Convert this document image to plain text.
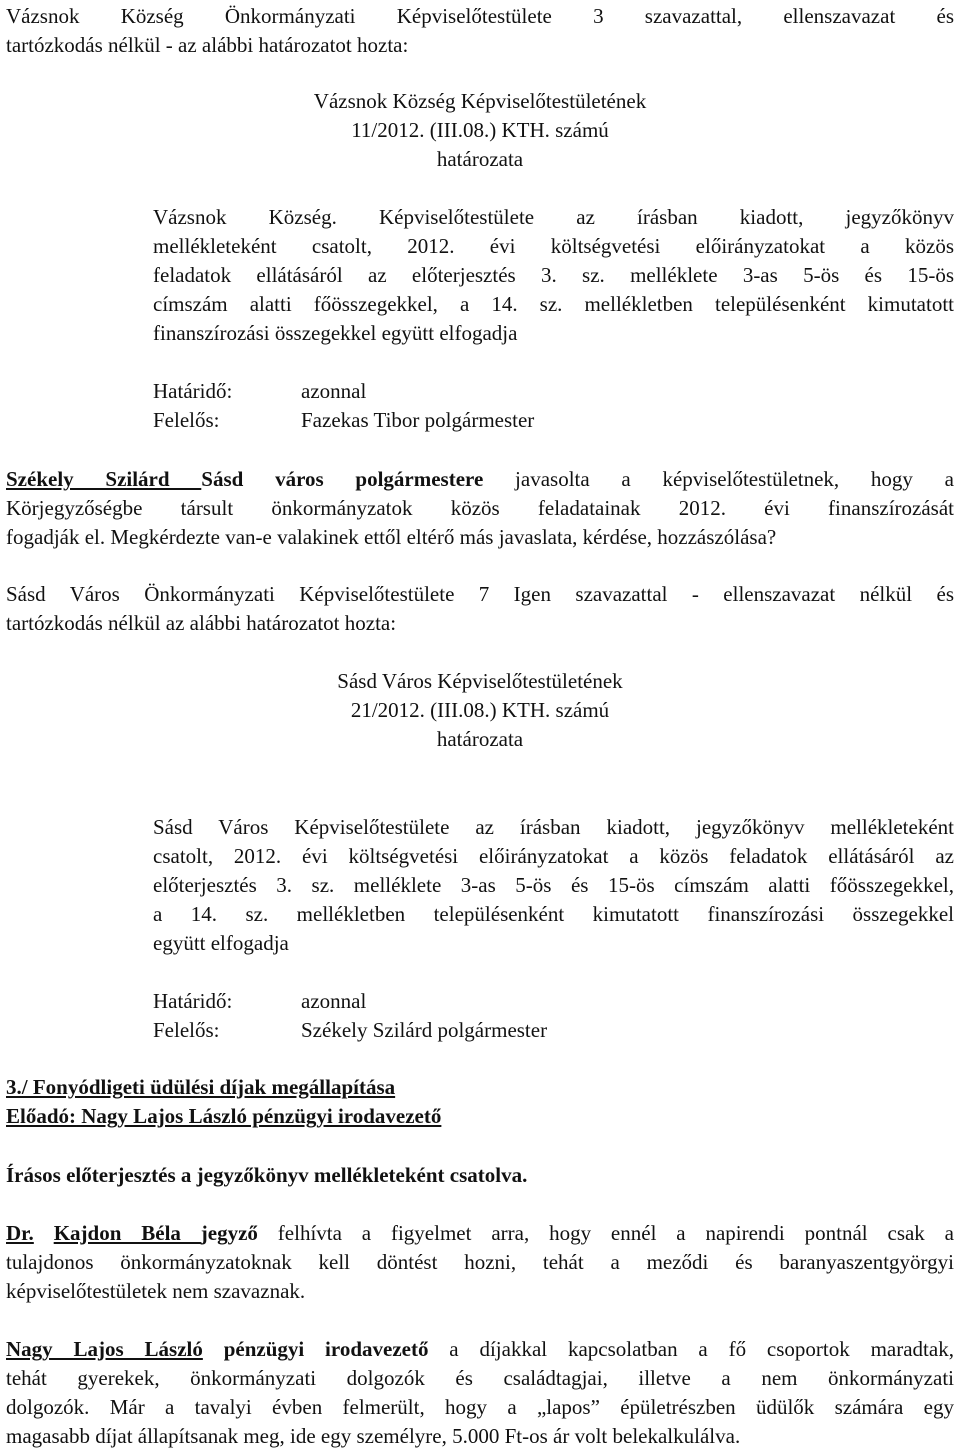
Vázsnok Község Önkormányzati Képviselőtestülete 3 szavazattal, ellenszavazat és
tartózkodás nélkül - az alábbi határozatot hozta:
Vázsnok Község Képviselőtestületének
11/2012. (III.08.) KTH. számú
határozata
Vázsnok Község. Képviselőtestülete az írásban kiadott, jegyzőkönyv
mellékleteként csatolt, 2012. évi költségvetési előirányzatokat a közös
feladatok ellátásáról az előterjesztés 3. sz. melléklete 3-as 5-ös és 15-ös
címszám alatti főösszegekkel, a 14. sz. mellékletben településenként kimutatott
finanszírozási összegekkel együtt elfogadja
Határidő:	azonnal
Felelős:	Fazekas Tibor polgármester
Székely Szilárd Sásd város polgármestere javasolta a képviselőtestületnek, hogy a
Körjegyzőségbe társult önkormányzatok közös feladatainak 2012. évi finanszírozását
fogadják el. Megkérdezte van-e valakinek ettől eltérő más javaslata, kérdése, hozzászólása?
Sásd Város Önkormányzati Képviselőtestülete 7 Igen szavazattal - ellenszavazat nélkül és
tartózkodás nélkül az alábbi határozatot hozta:
Sásd Város Képviselőtestületének
21/2012. (III.08.) KTH. számú
határozata
Sásd Város Képviselőtestülete az írásban kiadott, jegyzőkönyv mellékleteként
csatolt, 2012. évi költségvetési előirányzatokat a közös feladatok ellátásáról az
előterjesztés 3. sz. melléklete 3-as 5-ös és 15-ös címszám alatti főösszegekkel,
a 14. sz. mellékletben településenként kimutatott finanszírozási összegekkel
együtt elfogadja
Határidő:	azonnal
Felelős:	Székely Szilárd polgármester
3./ Fonyódligeti üdülési díjak megállapítása
Előadó: Nagy Lajos László pénzügyi irodavezető
Írásos előterjesztés a jegyzőkönyv mellékleteként csatolva.
Dr. Kajdon Béla jegyző felhívta a figyelmet arra, hogy ennél a napirendi pontnál csak a
tulajdonos önkormányzatoknak kell döntést hozni, tehát a meződi és baranyaszentgyörgyi
képviselőtestületek nem szavaznak.
Nagy Lajos László pénzügyi irodavezető a díjakkal kapcsolatban a fő csoportok maradtak,
tehát gyerekek, önkormányzati dolgozók és családtagjai, illetve a nem önkormányzati
dolgozók. Már a tavalyi évben felmerült, hogy a „lapos” épületrészben üdülők számára egy
magasabb díjat állapítsanak meg, ide egy személyre, 5.000 Ft-os ár volt belekalkulálva.
